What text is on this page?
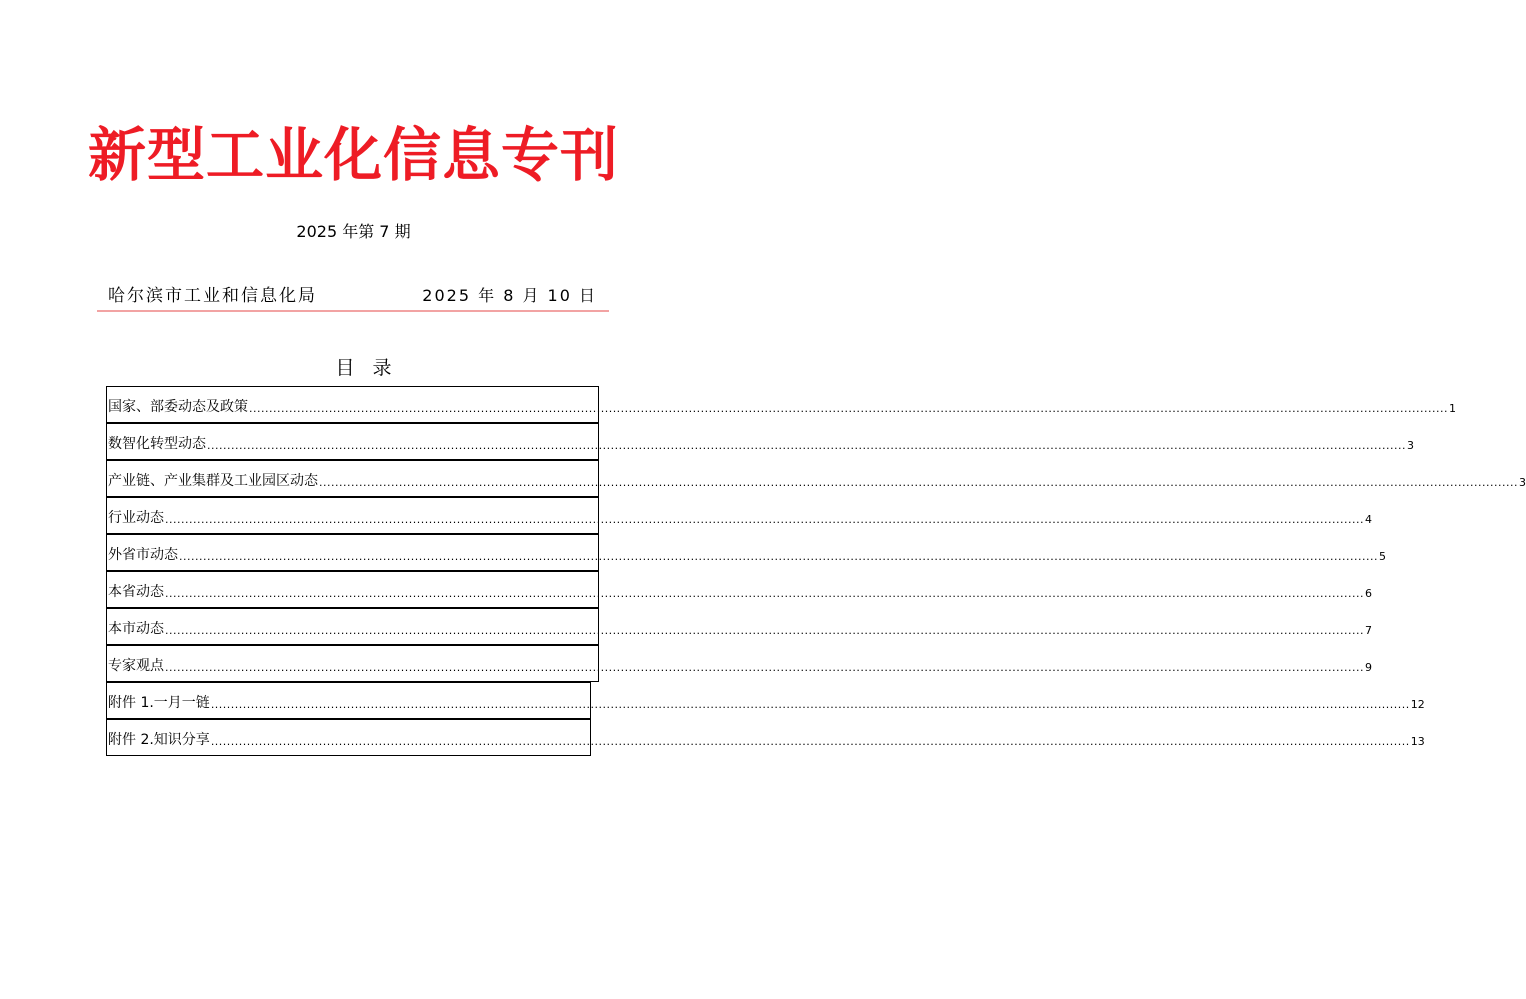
新型工业化信息专刊
2025 年第 7 期
哈尔滨市工业和信息化局	2025 年 8 月 10 日
目 录
国家、部委动态及政策 ............................................................................................................................................................................................................................................................................................................ 1
数智化转型动态 ............................................................................................................................................................................................................................................................................................................ 3
产业链、产业集群及工业园区动态 ............................................................................................................................................................................................................................................................................................................ 3
行业动态 ............................................................................................................................................................................................................................................................................................................ 4
外省市动态 ............................................................................................................................................................................................................................................................................................................ 5
本省动态 ............................................................................................................................................................................................................................................................................................................ 6
本市动态 ............................................................................................................................................................................................................................................................................................................ 7
专家观点 ............................................................................................................................................................................................................................................................................................................ 9
附件 1.一月一链 ............................................................................................................................................................................................................................................................................................................ 12
附件 2.知识分享 ............................................................................................................................................................................................................................................................................................................ 13
